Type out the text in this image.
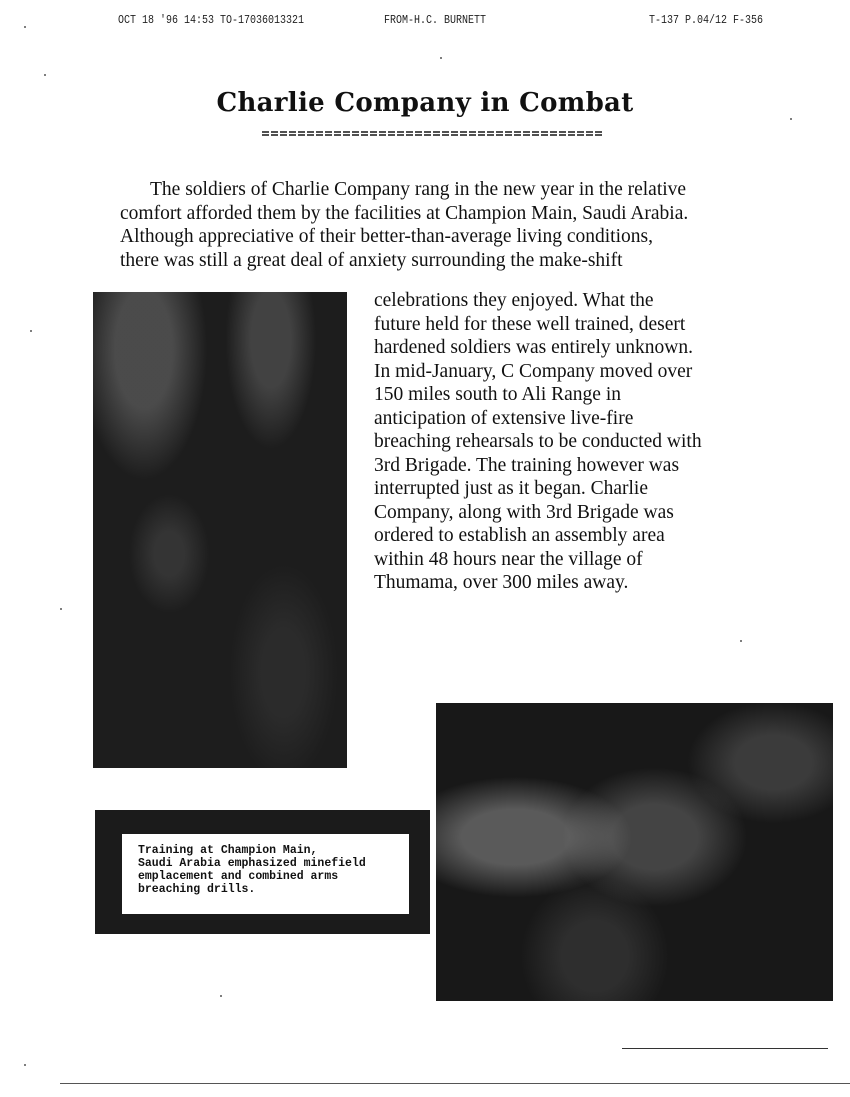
OCT 18 '96 14:53 TO-17036013321	FROM-H.C. BURNETT	T-137 P.04/12 F-356
Charlie Company in Combat
The soldiers of Charlie Company rang in the new year in the relative
comfort afforded them by the facilities at Champion Main, Saudi Arabia.
Although appreciative of their better-than-average living conditions,
there was still a great deal of anxiety surrounding the make-shift
celebrations they enjoyed. What the
future held for these well trained, desert
hardened soldiers was entirely unknown.
In mid-January, C Company moved over
150 miles south to Ali Range in
anticipation of extensive live-fire
breaching rehearsals to be conducted with
3rd Brigade. The training however was
interrupted just as it began. Charlie
Company, along with 3rd Brigade was
ordered to establish an assembly area
within 48 hours near the village of
Thumama, over 300 miles away.
Training at Champion Main,
Saudi Arabia emphasized minefield
emplacement and combined arms
breaching drills.
